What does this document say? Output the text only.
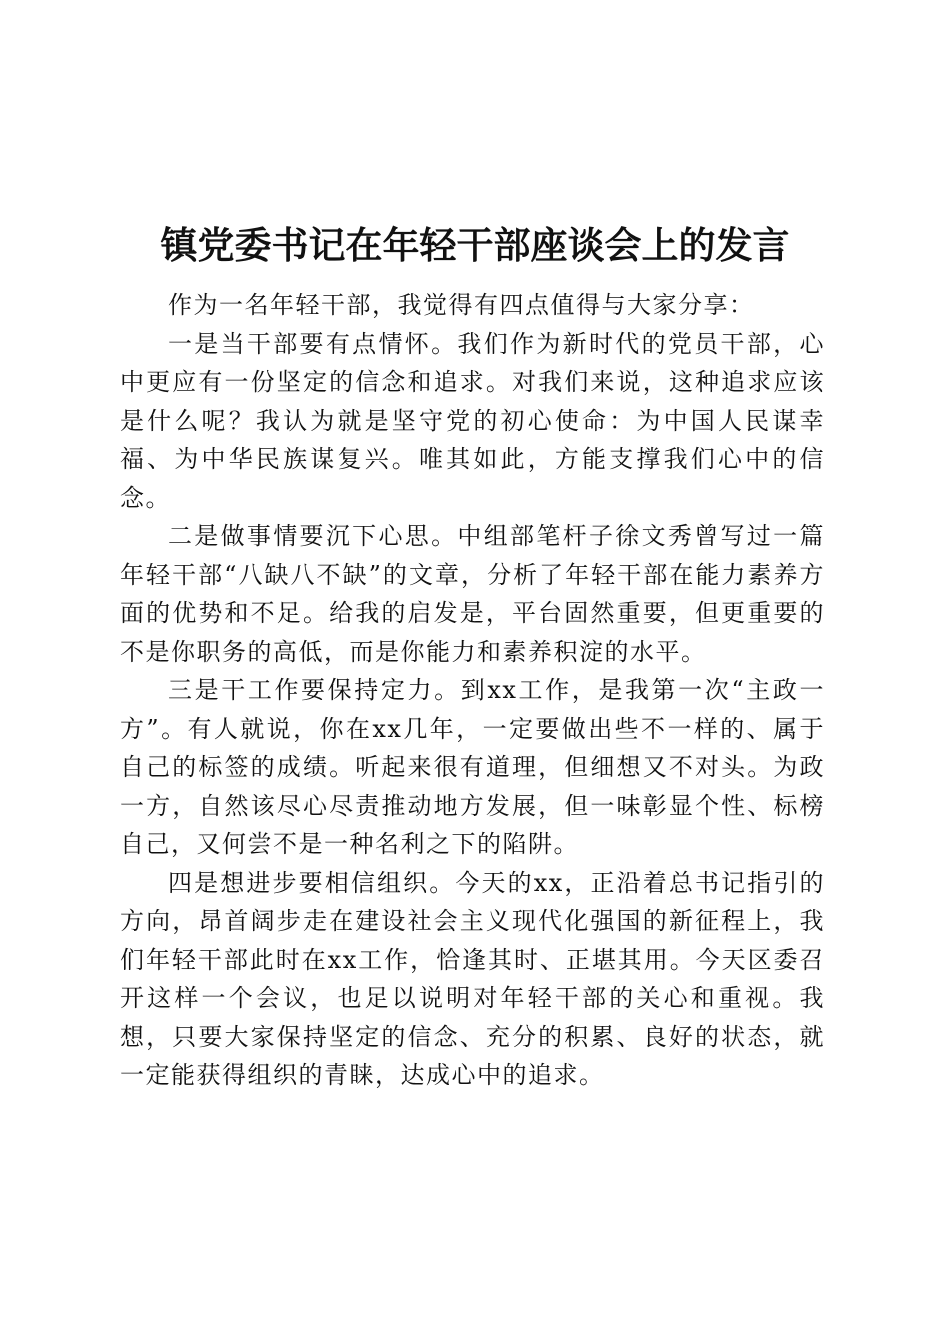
镇党委书记在年轻干部座谈会上的发言

作为一名年轻干部，我觉得有四点值得与大家分享：

一是当干部要有点情怀。我们作为新时代的党员干部，心中更应有一份坚定的信念和追求。对我们来说，这种追求应该是什么呢？我认为就是坚守党的初心使命：为中国人民谋幸福、为中华民族谋复兴。唯其如此，方能支撑我们心中的信念。

二是做事情要沉下心思。中组部笔杆子徐文秀曾写过一篇年轻干部“八缺八不缺”的文章，分析了年轻干部在能力素养方面的优势和不足。给我的启发是，平台固然重要，但更重要的不是你职务的高低，而是你能力和素养积淀的水平。

三是干工作要保持定力。到xx工作，是我第一次“主政一方”。有人就说，你在xx几年，一定要做出些不一样的、属于自己的标签的成绩。听起来很有道理，但细想又不对头。为政一方，自然该尽心尽责推动地方发展，但一味彰显个性、标榜自己，又何尝不是一种名利之下的陷阱。

四是想进步要相信组织。今天的xx，正沿着总书记指引的方向，昂首阔步走在建设社会主义现代化强国的新征程上，我们年轻干部此时在xx工作，恰逢其时、正堪其用。今天区委召开这样一个会议，也足以说明对年轻干部的关心和重视。我想，只要大家保持坚定的信念、充分的积累、良好的状态，就一定能获得组织的青睐，达成心中的追求。
